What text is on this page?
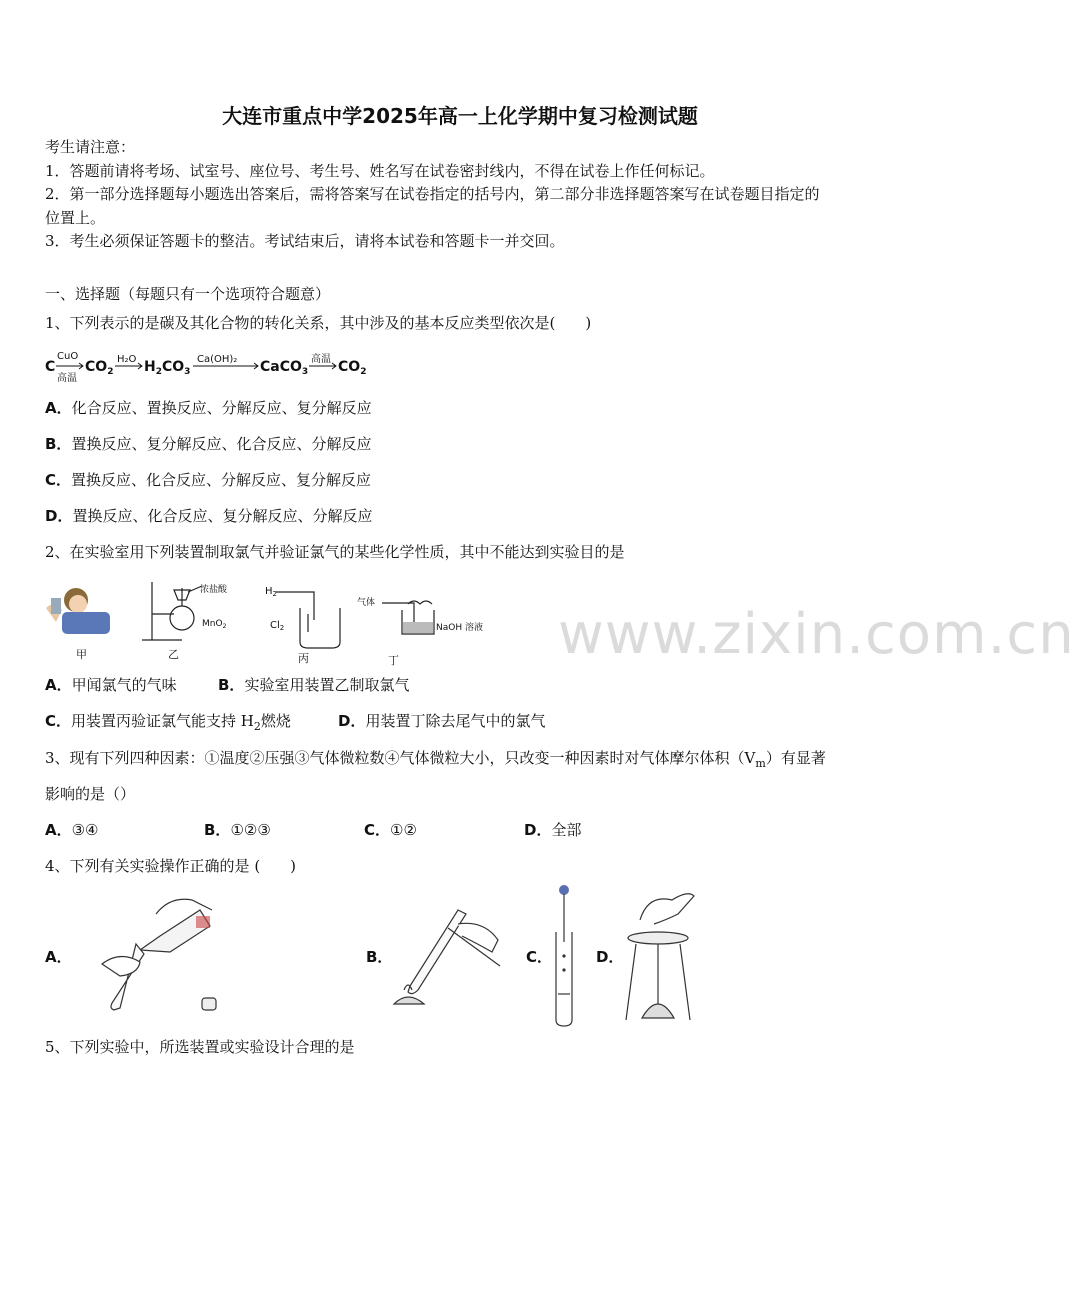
大连市重点中学2025年高一上化学期中复习检测试题
考生请注意：
1．答题前请将考场、试室号、座位号、考生号、姓名写在试卷密封线内，不得在试卷上作任何标记。
2．第一部分选择题每小题选出答案后，需将答案写在试卷指定的括号内，第二部分非选择题答案写在试卷题目指定的
位置上。
3．考生必须保证答题卡的整洁。考试结束后，请将本试卷和答题卡一并交回。
一、选择题（每题只有一个选项符合题意）
1、下列表示的是碳及其化合物的转化关系，其中涉及的基本反应类型依次是(　　)
C $CO_2$ $H_2CO_3$	CaCO$_3$ $CO_2$
CuO
高温
H₂O	Ca(OH)₂	高温
A．化合反应、置换反应、分解反应、复分解反应
B．置换反应、复分解反应、化合反应、分解反应
C．置换反应、化合反应、分解反应、复分解反应
D．置换反应、化合反应、复分解反应、分解反应
2、在实验室用下列装置制取氯气并验证氯气的某些化学性质，其中不能达到实验目的是
www.zixin.com.cn
甲
浓盐酸
MnO$_2$
乙
$H_2$
$Cl_2$
丙
气体
NaOH 溶液
丁
A．甲闻氯气的气味	B．实验室用装置乙制取氯气
C．用装置丙验证氯气能支持 $H_2$燃烧	D．用装置丁除去尾气中的氯气
3、现有下列四种因素：①温度②压强③气体微粒数④气体微粒大小，只改变一种因素时对气体摩尔体积$(V_m)$有显著
影响的是（）
A．③④	B．①②③	C．①②	D．全部
4、下列有关实验操作正确的是 (　　)
A．	B．	C．	D．
5、下列实验中，所选装置或实验设计合理的是
